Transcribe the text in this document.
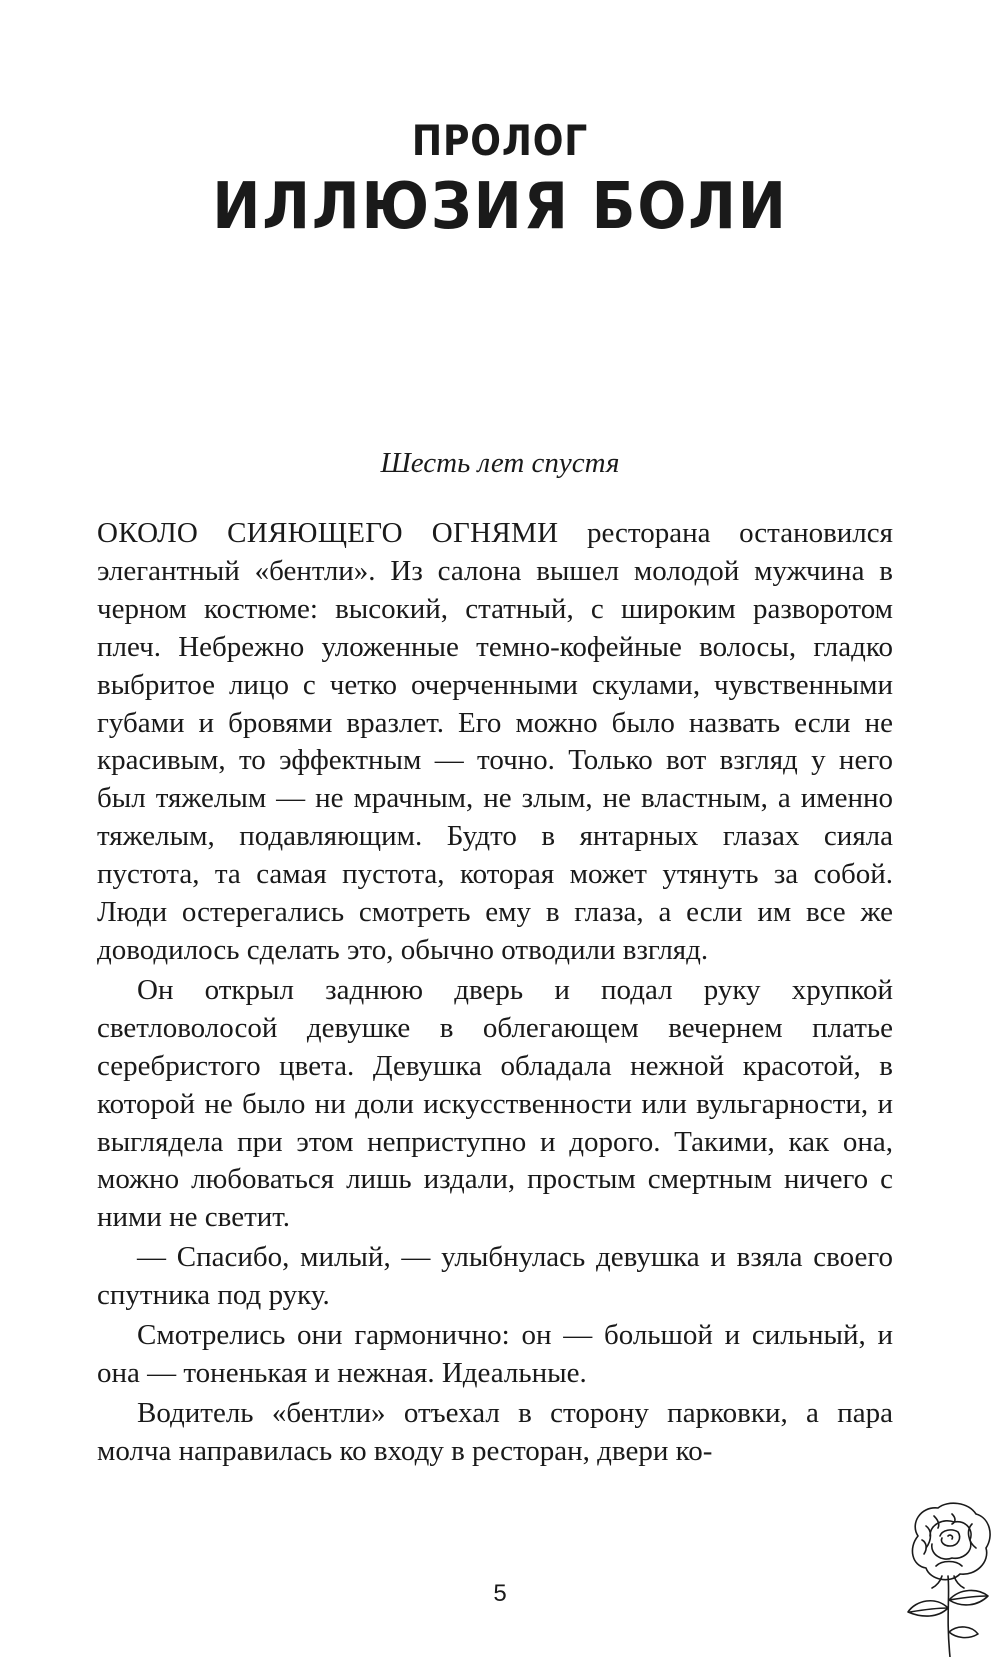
ПРОЛОГ
ИЛЛЮЗИЯ БОЛИ
Шесть лет спустя

ОКОЛО СИЯЮЩЕГО ОГНЯМИ ресторана остановился элегантный «бентли». Из салона вышел молодой мужчина в черном костюме: высокий, статный, с широким разворотом плеч. Небрежно уложенные темно-кофейные волосы, гладко выбритое лицо с четко очерченными скулами, чувственными губами и бровями вразлет. Его можно было назвать если не красивым, то эффектным — точно. Только вот взгляд у него был тяжелым — не мрачным, не злым, не властным, а именно тяжелым, подавляющим. Будто в янтарных глазах сияла пустота, та самая пустота, которая может утянуть за собой. Люди остерегались смотреть ему в глаза, а если им все же доводилось сделать это, обычно отводили взгляд.

Он открыл заднюю дверь и подал руку хрупкой светловолосой девушке в облегающем вечернем платье серебристого цвета. Девушка обладала нежной красотой, в которой не было ни доли искусственности или вульгарности, и выглядела при этом неприступно и дорого. Такими, как она, можно любоваться лишь издали, простым смертным ничего с ними не светит.

— Спасибо, милый, — улыбнулась девушка и взяла своего спутника под руку.

Смотрелись они гармонично: он — большой и сильный, и она — тоненькая и нежная. Идеальные.

Водитель «бентли» отъехал в сторону парковки, а пара молча направилась ко входу в ресторан, двери ко-

5
